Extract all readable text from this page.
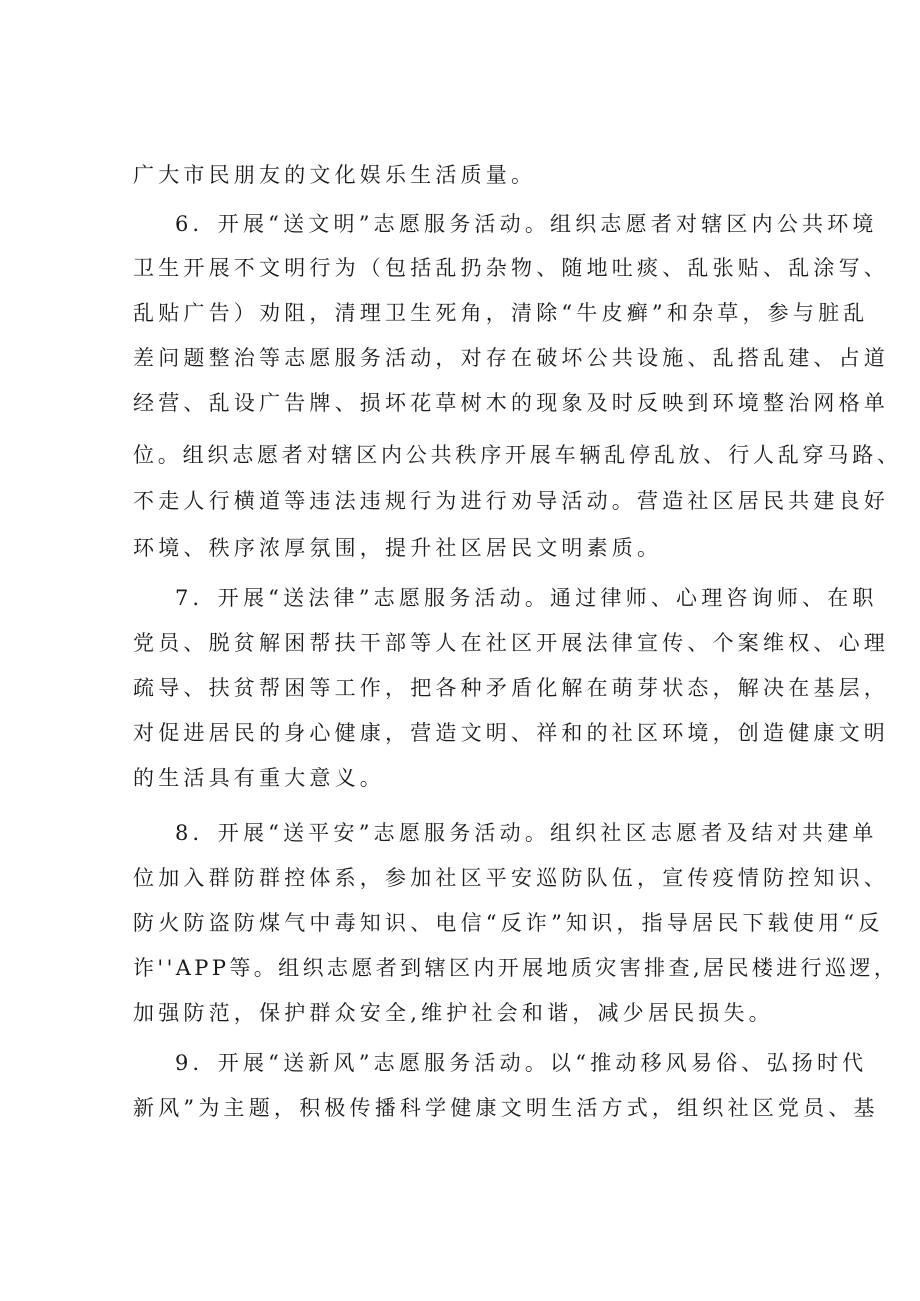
广大市民朋友的文化娱乐生活质量。
6．开展“送文明”志愿服务活动。组织志愿者对辖区内公共环境
卫生开展不文明行为（包括乱扔杂物、随地吐痰、乱张贴、乱涂写、
乱贴广告）劝阻，清理卫生死角，清除“牛皮癣”和杂草，参与脏乱
差问题整治等志愿服务活动，对存在破坏公共设施、乱搭乱建、占道
经营、乱设广告牌、损坏花草树木的现象及时反映到环境整治网格单
位。组织志愿者对辖区内公共秩序开展车辆乱停乱放、行人乱穿马路、
不走人行横道等违法违规行为进行劝导活动。营造社区居民共建良好
环境、秩序浓厚氛围，提升社区居民文明素质。
7．开展“送法律”志愿服务活动。通过律师、心理咨询师、在职
党员、脱贫解困帮扶干部等人在社区开展法律宣传、个案维权、心理
疏导、扶贫帮困等工作，把各种矛盾化解在萌芽状态，解决在基层，
对促进居民的身心健康，营造文明、祥和的社区环境，创造健康文明
的生活具有重大意义。
8．开展“送平安”志愿服务活动。组织社区志愿者及结对共建单
位加入群防群控体系，参加社区平安巡防队伍，宣传疫情防控知识、
防火防盗防煤气中毒知识、电信“反诈”知识，指导居民下载使用“反
诈''APP等。组织志愿者到辖区内开展地质灾害排查,居民楼进行巡逻，
加强防范，保护群众安全,维护社会和谐，减少居民损失。
9．开展“送新风”志愿服务活动。以“推动移风易俗、弘扬时代
新风”为主题，积极传播科学健康文明生活方式，组织社区党员、基
